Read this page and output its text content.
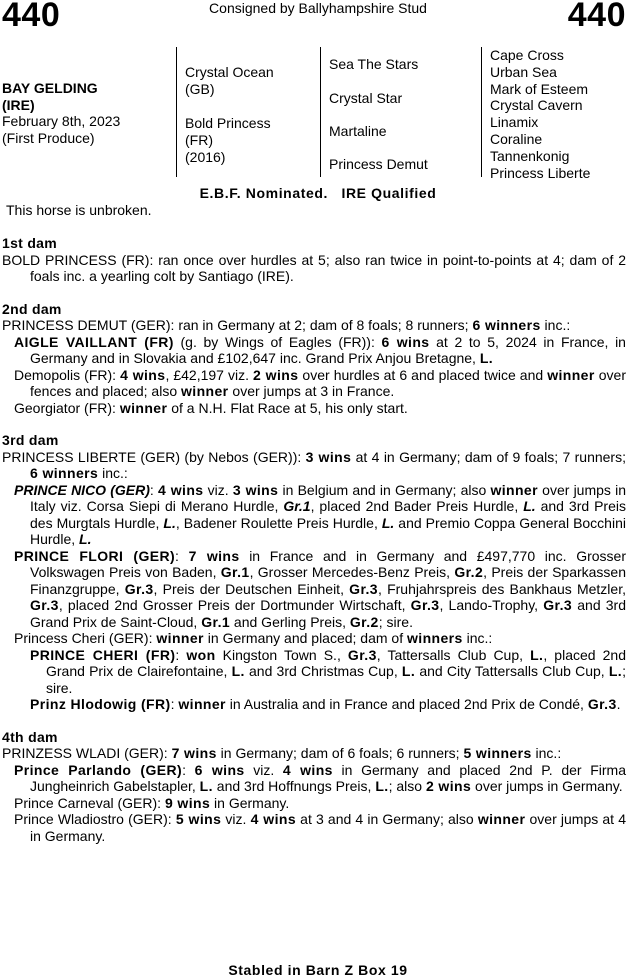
440	Consigned by Ballyhampshire Stud	440
BAY GELDING
(IRE)
February 8th, 2023
(First Produce)
Crystal Ocean
(GB)
Bold Princess
(FR)
(2016)
Sea The Stars
Crystal Star
Martaline
Princess Demut
Cape Cross
Urban Sea
Mark of Esteem
Crystal Cavern
Linamix
Coraline
Tannenkonig
Princess Liberte
E.B.F. Nominated.   IRE Qualified
This horse is unbroken.
1st dam

BOLD PRINCESS (FR): ran once over hurdles at 5; also ran twice in point-to-points at 4; dam of 2 foals inc. a yearling colt by Santiago (IRE).

2nd dam

PRINCESS DEMUT (GER): ran in Germany at 2; dam of 8 foals; 8 runners; 6 winners inc.:

AIGLE VAILLANT (FR) (g. by Wings of Eagles (FR)): 6 wins at 2 to 5, 2024 in France, in Germany and in Slovakia and £102,647 inc. Grand Prix Anjou Bretagne, L.

Demopolis (FR): 4 wins, £42,197 viz. 2 wins over hurdles at 6 and placed twice and winner over fences and placed; also winner over jumps at 3 in France.

Georgiator (FR): winner of a N.H. Flat Race at 5, his only start.

3rd dam

PRINCESS LIBERTE (GER) (by Nebos (GER)): 3 wins at 4 in Germany; dam of 9 foals; 7 runners; 6 winners inc.:

PRINCE NICO (GER): 4 wins viz. 3 wins in Belgium and in Germany; also winner over jumps in Italy viz. Corsa Siepi di Merano Hurdle, Gr.1, placed 2nd Bader Preis Hurdle, L. and 3rd Preis des Murgtals Hurdle, L., Badener Roulette Preis Hurdle, L. and Premio Coppa General Bocchini Hurdle, L.

PRINCE FLORI (GER): 7 wins in France and in Germany and £497,770 inc. Grosser Volkswagen Preis von Baden, Gr.1, Grosser Mercedes-Benz Preis, Gr.2, Preis der Sparkassen Finanzgruppe, Gr.3, Preis der Deutschen Einheit, Gr.3, Fruhjahrspreis des Bankhaus Metzler, Gr.3, placed 2nd Grosser Preis der Dortmunder Wirtschaft, Gr.3, Lando-Trophy, Gr.3 and 3rd Grand Prix de Saint-Cloud, Gr.1 and Gerling Preis, Gr.2; sire.

Princess Cheri (GER): winner in Germany and placed; dam of winners inc.:

PRINCE CHERI (FR): won Kingston Town S., Gr.3, Tattersalls Club Cup, L., placed 2nd Grand Prix de Clairefontaine, L. and 3rd Christmas Cup, L. and City Tattersalls Club Cup, L.; sire.

Prinz Hlodowig (FR): winner in Australia and in France and placed 2nd Prix de Condé, Gr.3.

4th dam

PRINZESS WLADI (GER): 7 wins in Germany; dam of 6 foals; 6 runners; 5 winners inc.:

Prince Parlando (GER): 6 wins viz. 4 wins in Germany and placed 2nd P. der Firma Jungheinrich Gabelstapler, L. and 3rd Hoffnungs Preis, L.; also 2 wins over jumps in Germany.

Prince Carneval (GER): 9 wins in Germany.

Prince Wladiostro (GER): 5 wins viz. 4 wins at 3 and 4 in Germany; also winner over jumps at 4 in Germany.

Stabled in Barn Z Box 19
